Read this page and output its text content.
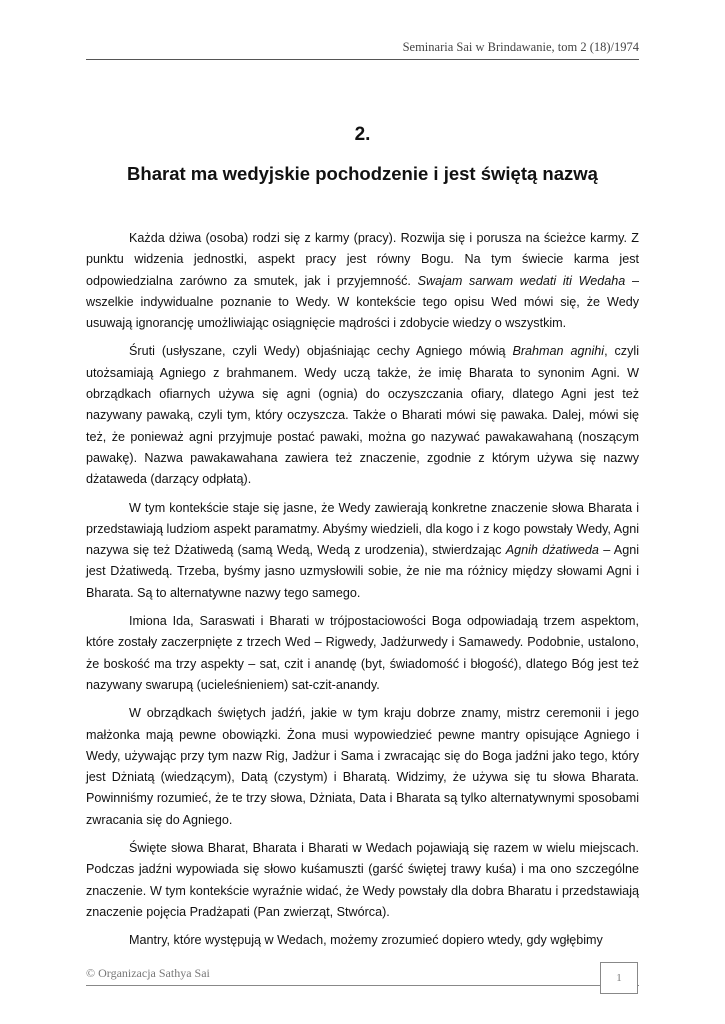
Seminaria Sai w Brindawanie, tom 2 (18)/1974
2.
Bharat ma wedyjskie pochodzenie i jest świętą nazwą

Każda dżiwa (osoba) rodzi się z karmy (pracy). Rozwija się i porusza na ścieżce karmy. Z punktu widzenia jednostki, aspekt pracy jest równy Bogu. Na tym świecie karma jest odpowiedzialna zarówno za smutek, jak i przyjemność. Swajam sarwam wedati iti Wedaha – wszelkie indywidualne poznanie to Wedy. W kontekście tego opisu Wed mówi się, że Wedy usuwają ignorancję umożliwiając osiągnięcie mądrości i zdobycie wiedzy o wszystkim.

Śruti (usłyszane, czyli Wedy) objaśniając cechy Agniego mówią Brahman agnihi, czyli utożsamiają Agniego z brahmanem. Wedy uczą także, że imię Bharata to synonim Agni. W obrządkach ofiarnych używa się agni (ognia) do oczyszczania ofiary, dlatego Agni jest też nazywany pawaką, czyli tym, który oczyszcza. Także o Bharati mówi się pawaka. Dalej, mówi się też, że ponieważ agni przyjmuje postać pawaki, można go nazywać pawakawahaną (noszącym pawakę). Nazwa pawakawahana zawiera też znaczenie, zgodnie z którym używa się nazwy dżataweda (darzący odpłatą).

W tym kontekście staje się jasne, że Wedy zawierają konkretne znaczenie słowa Bharata i przedstawiają ludziom aspekt paramatmy. Abyśmy wiedzieli, dla kogo i z kogo powstały Wedy, Agni nazywa się też Dżatiwedą (samą Wedą, Wedą z urodzenia), stwierdzając Agnih dżatiweda – Agni jest Dżatiwedą. Trzeba, byśmy jasno uzmysłowili sobie, że nie ma różnicy między słowami Agni i Bharata. Są to alternatywne nazwy tego samego.

Imiona Ida, Saraswati i Bharati w trójpostaciowości Boga odpowiadają trzem aspektom, które zostały zaczerpnięte z trzech Wed – Rigwedy, Jadżurwedy i Samawedy. Podobnie, ustalono, że boskość ma trzy aspekty – sat, czit i anandę (byt, świadomość i błogość), dlatego Bóg jest też nazywany swarupą (ucieleśnieniem) sat-czit-anandy.

W obrządkach świętych jadźń, jakie w tym kraju dobrze znamy, mistrz ceremonii i jego małżonka mają pewne obowiązki. Żona musi wypowiedzieć pewne mantry opisujące Agniego i Wedy, używając przy tym nazw Rig, Jadżur i Sama i zwracając się do Boga jadźni jako tego, który jest Dżniatą (wiedzącym), Datą (czystym) i Bharatą. Widzimy, że używa się tu słowa Bharata. Powinniśmy rozumieć, że te trzy słowa, Dżniata, Data i Bharata są tylko alternatywnymi sposobami zwracania się do Agniego.

Święte słowa Bharat, Bharata i Bharati w Wedach pojawiają się razem w wielu miejscach. Podczas jadźni wypowiada się słowo kuśamuszti (garść świętej trawy kuśa) i ma ono szczególne znaczenie. W tym kontekście wyraźnie widać, że Wedy powstały dla dobra Bharatu i przedstawiają znaczenie pojęcia Pradżapati (Pan zwierząt, Stwórca).

Mantry, które występują w Wedach, możemy zrozumieć dopiero wtedy, gdy wgłębimy

© Organizacja Sathya Sai	1
